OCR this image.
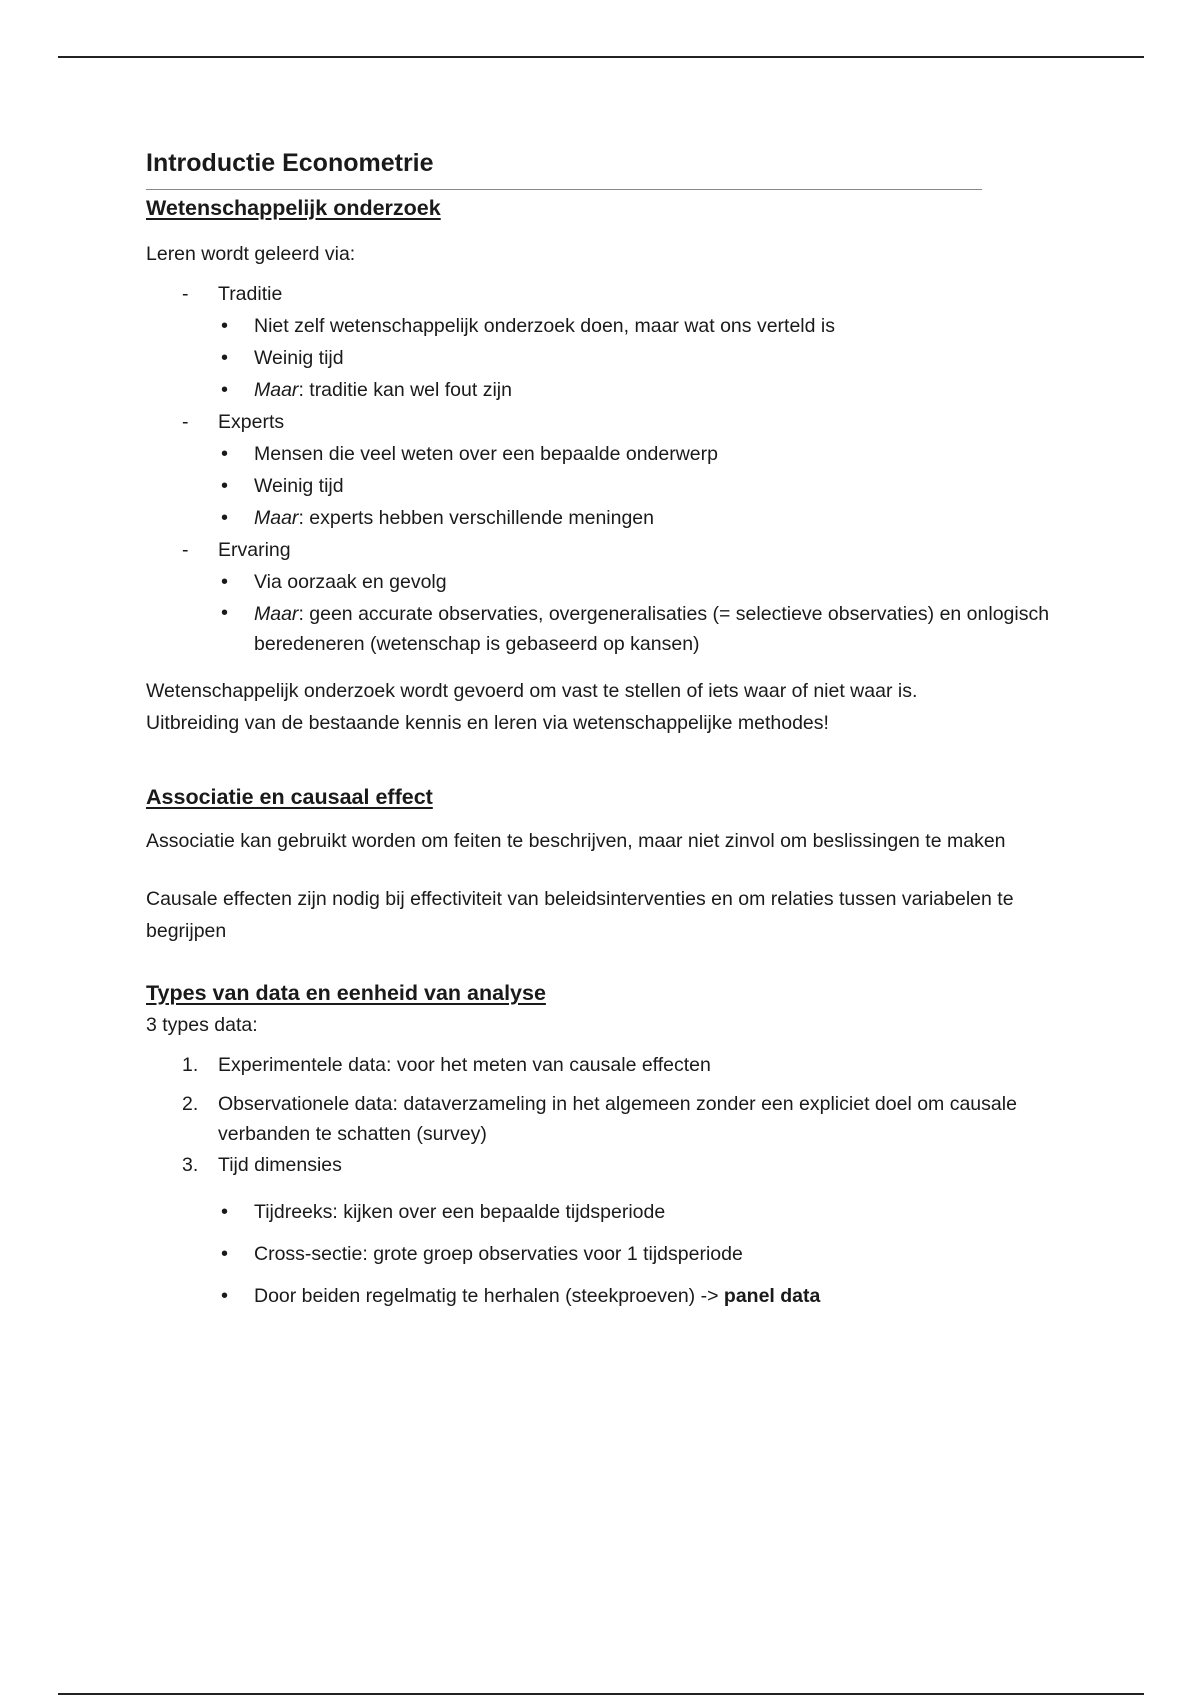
Introductie Econometrie
Wetenschappelijk onderzoek

Leren wordt geleerd via:

- Traditie
• Niet zelf wetenschappelijk onderzoek doen, maar wat ons verteld is
• Weinig tijd
• Maar: traditie kan wel fout zijn
- Experts
• Mensen die veel weten over een bepaalde onderwerp
• Weinig tijd
• Maar: experts hebben verschillende meningen
- Ervaring
• Via oorzaak en gevolg
• Maar: geen accurate observaties, overgeneralisaties (= selectieve observaties) en onlogisch beredeneren (wetenschap is gebaseerd op kansen)

Wetenschappelijk onderzoek wordt gevoerd om vast te stellen of iets waar of niet waar is.

Uitbreiding van de bestaande kennis en leren via wetenschappelijke methodes!

Associatie en causaal effect

Associatie kan gebruikt worden om feiten te beschrijven, maar niet zinvol om beslissingen te maken

Causale effecten zijn nodig bij effectiviteit van beleidsinterventies en om relaties tussen variabelen te begrijpen

Types van data en eenheid van analyse

3 types data:

1. Experimentele data: voor het meten van causale effecten
2. Observationele data: dataverzameling in het algemeen zonder een expliciet doel om causale verbanden te schatten (survey)
3. Tijd dimensies
• Tijdreeks: kijken over een bepaalde tijdsperiode
• Cross-sectie: grote groep observaties voor 1 tijdsperiode
• Door beiden regelmatig te herhalen (steekproeven) -> panel data
